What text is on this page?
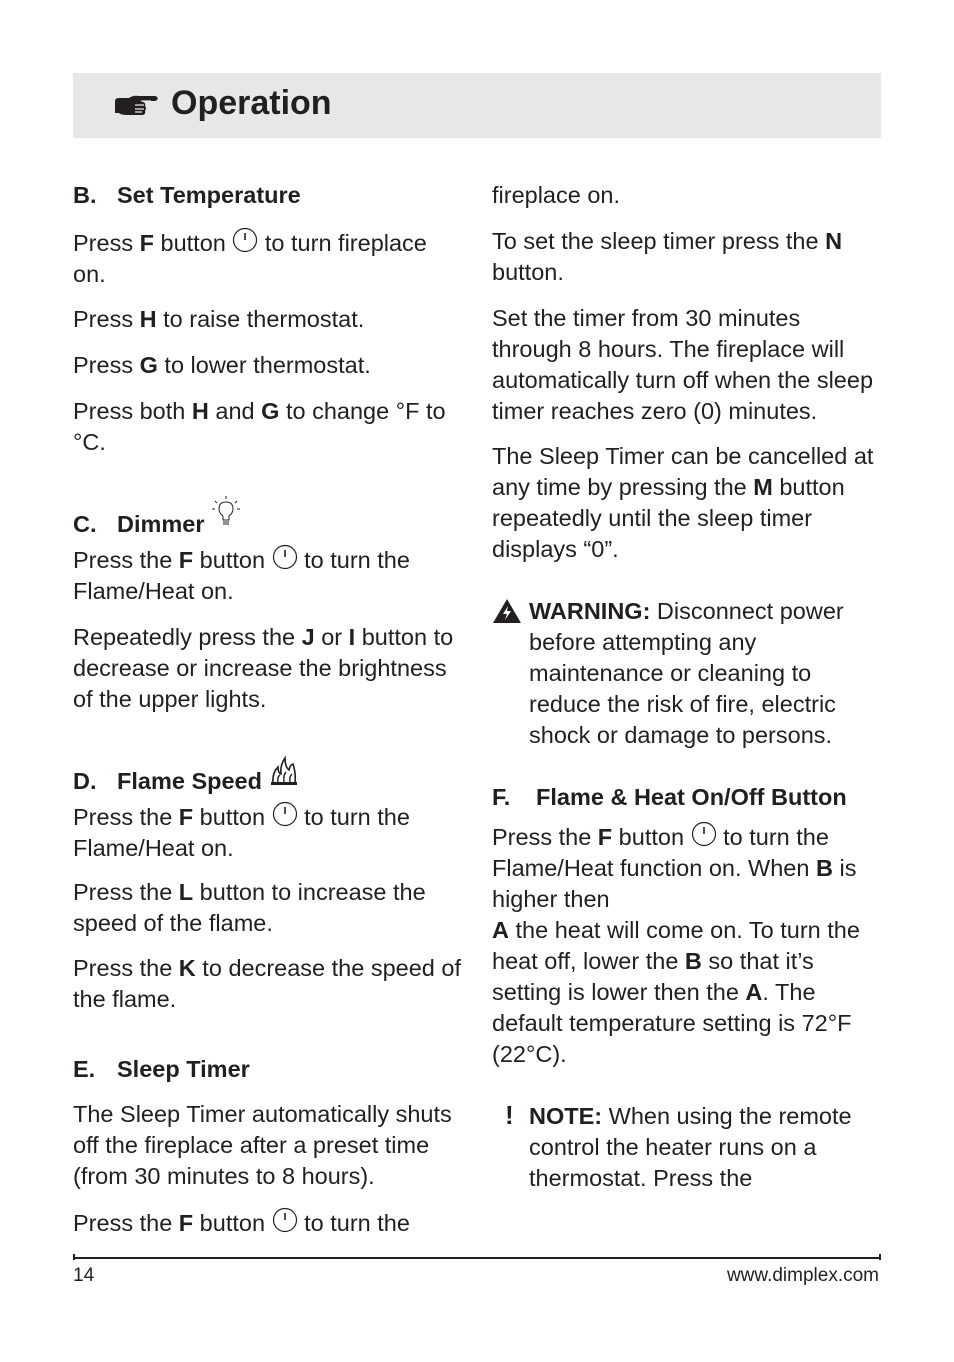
Operation
B. Set Temperature

Press F button  to turn fireplace on.

Press H to raise thermostat.

Press G to lower thermostat.

Press both H and G to change °F to °C.

C. Dimmer

Press the F button  to turn the Flame/Heat on.

Repeatedly press the J or I button to decrease or increase the brightness of the upper lights.

D. Flame Speed

Press the F button  to turn the Flame/Heat on.

Press the L button to increase the speed of the flame.

Press the K to decrease the speed of the flame.

E. Sleep Timer

The Sleep Timer automatically shuts off the fireplace after a preset time (from 30 minutes to 8 hours).

Press the F button  to turn the

fireplace on.

To set the sleep timer press the N button.

Set the timer from 30 minutes through 8 hours. The fireplace will automatically turn off when the sleep timer reaches zero (0) minutes.

The Sleep Timer can be cancelled at any time by pressing the M button repeatedly until the sleep timer displays “0”.

WARNING: Disconnect power before attempting any maintenance or cleaning to reduce the risk of fire, electric shock or damage to persons.

F. Flame & Heat On/Off Button

Press the F button  to turn the Flame/Heat function on. When B is higher then

A the heat will come on. To turn the heat off, lower the B so that it’s setting is lower then the A. The default temperature setting is 72°F (22°C).

! NOTE: When using the remote control the heater runs on a thermostat. Press the

14	www.dimplex.com
